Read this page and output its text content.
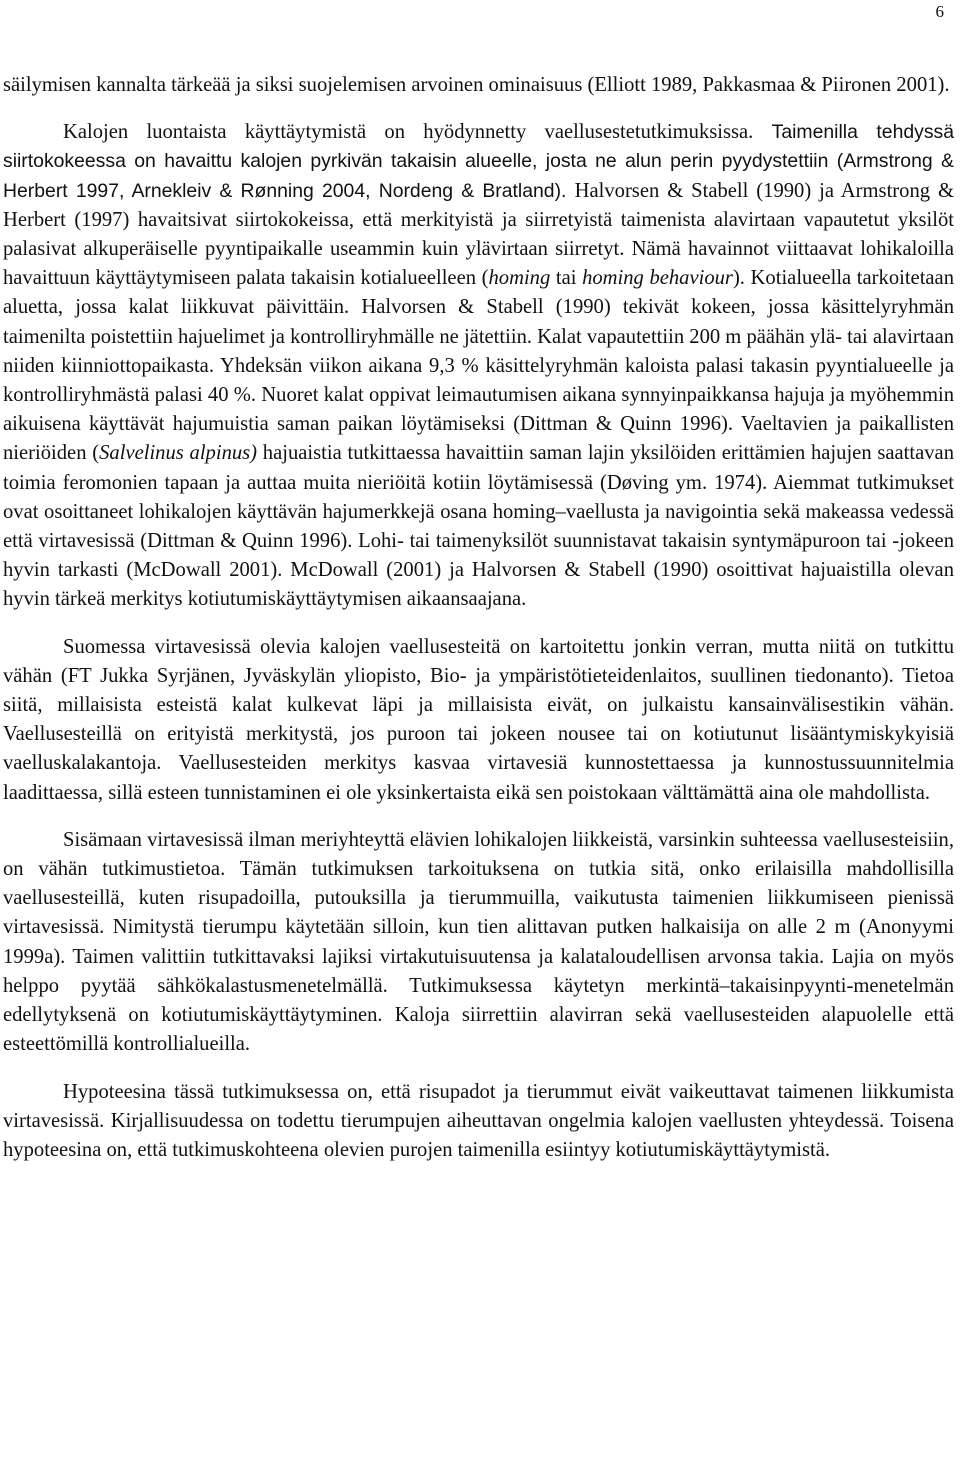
6

säilymisen kannalta tärkeää ja siksi suojelemisen arvoinen ominaisuus (Elliott 1989, Pakkasmaa & Piironen 2001).

Kalojen luontaista käyttäytymistä on hyödynnetty vaellusestetutkimuksissa. Taimenilla tehdyssä siirtokokeessa on havaittu kalojen pyrkivän takaisin alueelle, josta ne alun perin pyydystettiin (Armstrong & Herbert 1997, Arnekleiv & Rønning 2004, Nordeng & Bratland). Halvorsen & Stabell (1990) ja Armstrong & Herbert (1997) havaitsivat siirtokokeissa, että merkityistä ja siirretyistä taimenista alavirtaan vapautetut yksilöt palasivat alkuperäiselle pyyntipaikalle useammin kuin ylävirtaan siirretyt. Nämä havainnot viittaavat lohikaloilla havaittuun käyttäytymiseen palata takaisin kotialueelleen (homing tai homing behaviour). Kotialueella tarkoitetaan aluetta, jossa kalat liikkuvat päivittäin. Halvorsen & Stabell (1990) tekivät kokeen, jossa käsittelyryhmän taimenilta poistettiin hajuelimet ja kontrolliryhmälle ne jätettiin. Kalat vapautettiin 200 m päähän ylä- tai alavirtaan niiden kiinniottopaikasta. Yhdeksän viikon aikana 9,3 % käsittelyryhmän kaloista palasi takasin pyyntialueelle ja kontrolliryhmästä palasi 40 %. Nuoret kalat oppivat leimautumisen aikana synnyinpaikkansa hajuja ja myöhemmin aikuisena käyttävät hajumuistia saman paikan löytämiseksi (Dittman & Quinn 1996). Vaeltavien ja paikallisten nieriöiden (Salvelinus alpinus) hajuaistia tutkittaessa havaittiin saman lajin yksilöiden erittämien hajujen saattavan toimia feromonien tapaan ja auttaa muita nieriöitä kotiin löytämisessä (Døving ym. 1974). Aiemmat tutkimukset ovat osoittaneet lohikalojen käyttävän hajumerkkejä osana homing–vaellusta ja navigointia sekä makeassa vedessä että virtavesissä (Dittman & Quinn 1996). Lohi- tai taimenyksilöt suunnistavat takaisin syntymäpuroon tai -jokeen hyvin tarkasti (McDowall 2001). McDowall (2001) ja Halvorsen & Stabell (1990) osoittivat hajuaistilla olevan hyvin tärkeä merkitys kotiutumiskäyttäytymisen aikaansaajana.

Suomessa virtavesissä olevia kalojen vaellusesteitä on kartoitettu jonkin verran, mutta niitä on tutkittu vähän (FT Jukka Syrjänen, Jyväskylän yliopisto, Bio- ja ympäristötieteidenlaitos, suullinen tiedonanto). Tietoa siitä, millaisista esteistä kalat kulkevat läpi ja millaisista eivät, on julkaistu kansainvälisestikin vähän. Vaellusesteillä on erityistä merkitystä, jos puroon tai jokeen nousee tai on kotiutunut lisääntymiskykyisiä vaelluskalakantoja. Vaellusesteiden merkitys kasvaa virtavesiä kunnostettaessa ja kunnostussuunnitelmia laadittaessa, sillä esteen tunnistaminen ei ole yksinkertaista eikä sen poistokaan välttämättä aina ole mahdollista.

Sisämaan virtavesissä ilman meriyhteyttä elävien lohikalojen liikkeistä, varsinkin suhteessa vaellusesteisiin, on vähän tutkimustietoa. Tämän tutkimuksen tarkoituksena on tutkia sitä, onko erilaisilla mahdollisilla vaellusesteillä, kuten risupadoilla, putouksilla ja tierummuilla, vaikutusta taimenien liikkumiseen pienissä virtavesissä. Nimitystä tierumpu käytetään silloin, kun tien alittavan putken halkaisija on alle 2 m (Anonyymi 1999a). Taimen valittiin tutkittavaksi lajiksi virtakutuisuutensa ja kalataloudellisen arvonsa takia. Lajia on myös helppo pyytää sähkökalastusmenetelmällä. Tutkimuksessa käytetyn merkintä–takaisinpyynti-menetelmän edellytyksenä on kotiutumiskäyttäytyminen. Kaloja siirrettiin alavirran sekä vaellusesteiden alapuolelle että esteettömillä kontrollialueilla.

Hypoteesina tässä tutkimuksessa on, että risupadot ja tierummut eivät vaikeuttavat taimenen liikkumista virtavesissä. Kirjallisuudessa on todettu tierumpujen aiheuttavan ongelmia kalojen vaellusten yhteydessä. Toisena hypoteesina on, että tutkimuskohteena olevien purojen taimenilla esiintyy kotiutumiskäyttäytymistä.
